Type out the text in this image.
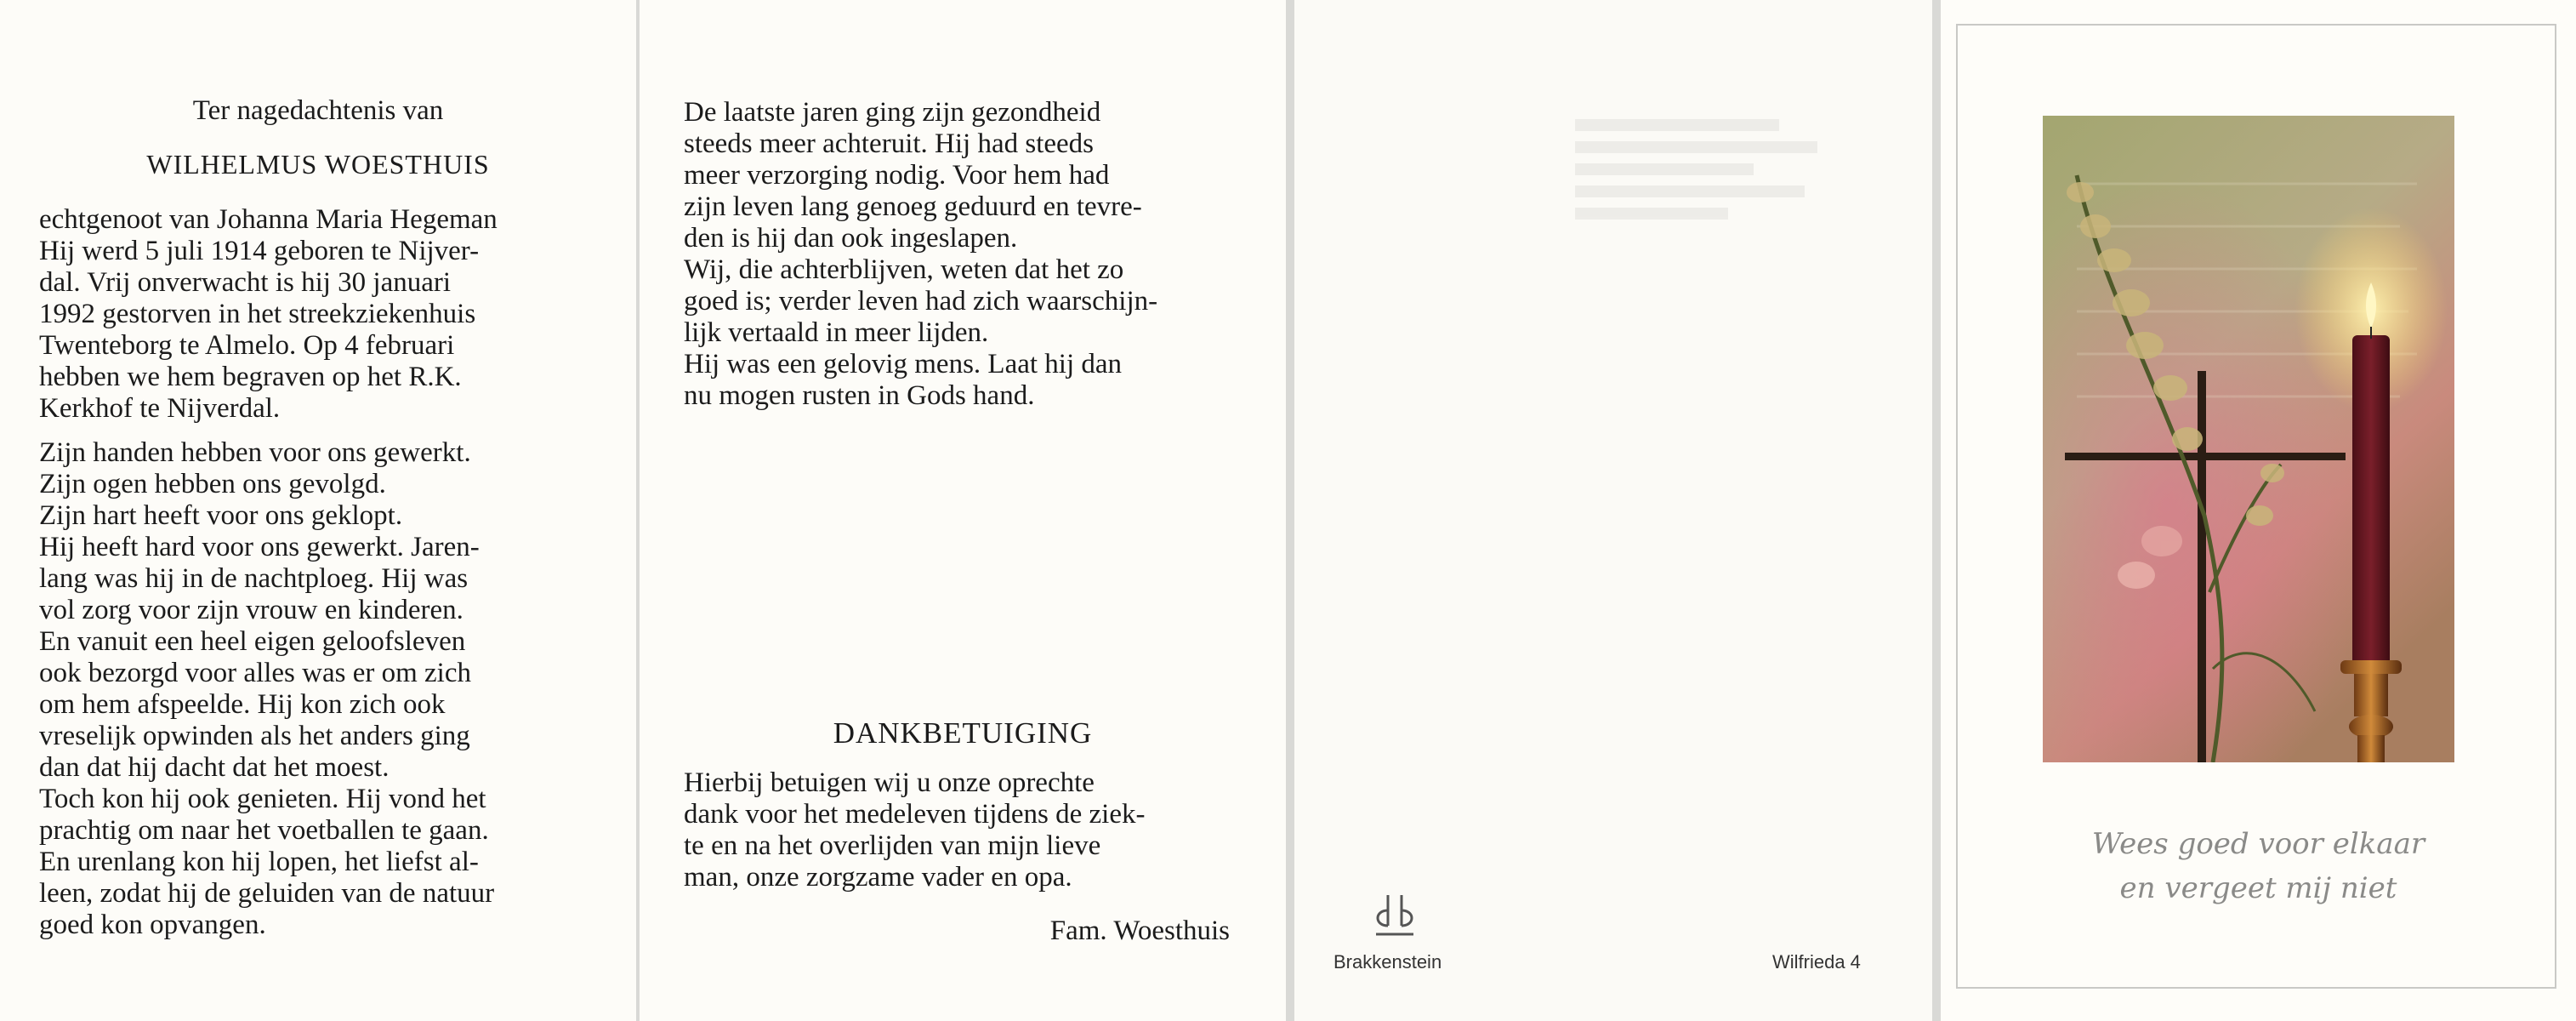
Ter nagedachtenis van
WILHELMUS WOESTHUIS
echtgenoot van Johanna Maria Hegeman
Hij werd 5 juli 1914 geboren te Nijver-
dal. Vrij onverwacht is hij 30 januari
1992 gestorven in het streekziekenhuis
Twenteborg te Almelo. Op 4 februari
hebben we hem begraven op het R.K.
Kerkhof te Nijverdal.
Zijn handen hebben voor ons gewerkt.
Zijn ogen hebben ons gevolgd.
Zijn hart heeft voor ons geklopt.
Hij heeft hard voor ons gewerkt. Jaren-
lang was hij in de nachtploeg. Hij was
vol zorg voor zijn vrouw en kinderen.
En vanuit een heel eigen geloofsleven
ook bezorgd voor alles was er om zich
om hem afspeelde. Hij kon zich ook
vreselijk opwinden als het anders ging
dan dat hij dacht dat het moest.
Toch kon hij ook genieten. Hij vond het
prachtig om naar het voetballen te gaan.
En urenlang kon hij lopen, het liefst al-
leen, zodat hij de geluiden van de natuur
goed kon opvangen.
De laatste jaren ging zijn gezondheid
steeds meer achteruit. Hij had steeds
meer verzorging nodig. Voor hem had
zijn leven lang genoeg geduurd en tevre-
den is hij dan ook ingeslapen.
Wij, die achterblijven, weten dat het zo
goed is; verder leven had zich waarschijn-
lijk vertaald in meer lijden.
Hij was een gelovig mens. Laat hij dan
nu mogen rusten in Gods hand.
DANKBETUIGING
Hierbij betuigen wij u onze oprechte
dank voor het medeleven tijdens de ziek-
te en na het overlijden van mijn lieve
man, onze zorgzame vader en opa.
Fam. Woesthuis
Brakkenstein	Wilfrieda 4
Wees goed voor elkaar
en vergeet mij niet
